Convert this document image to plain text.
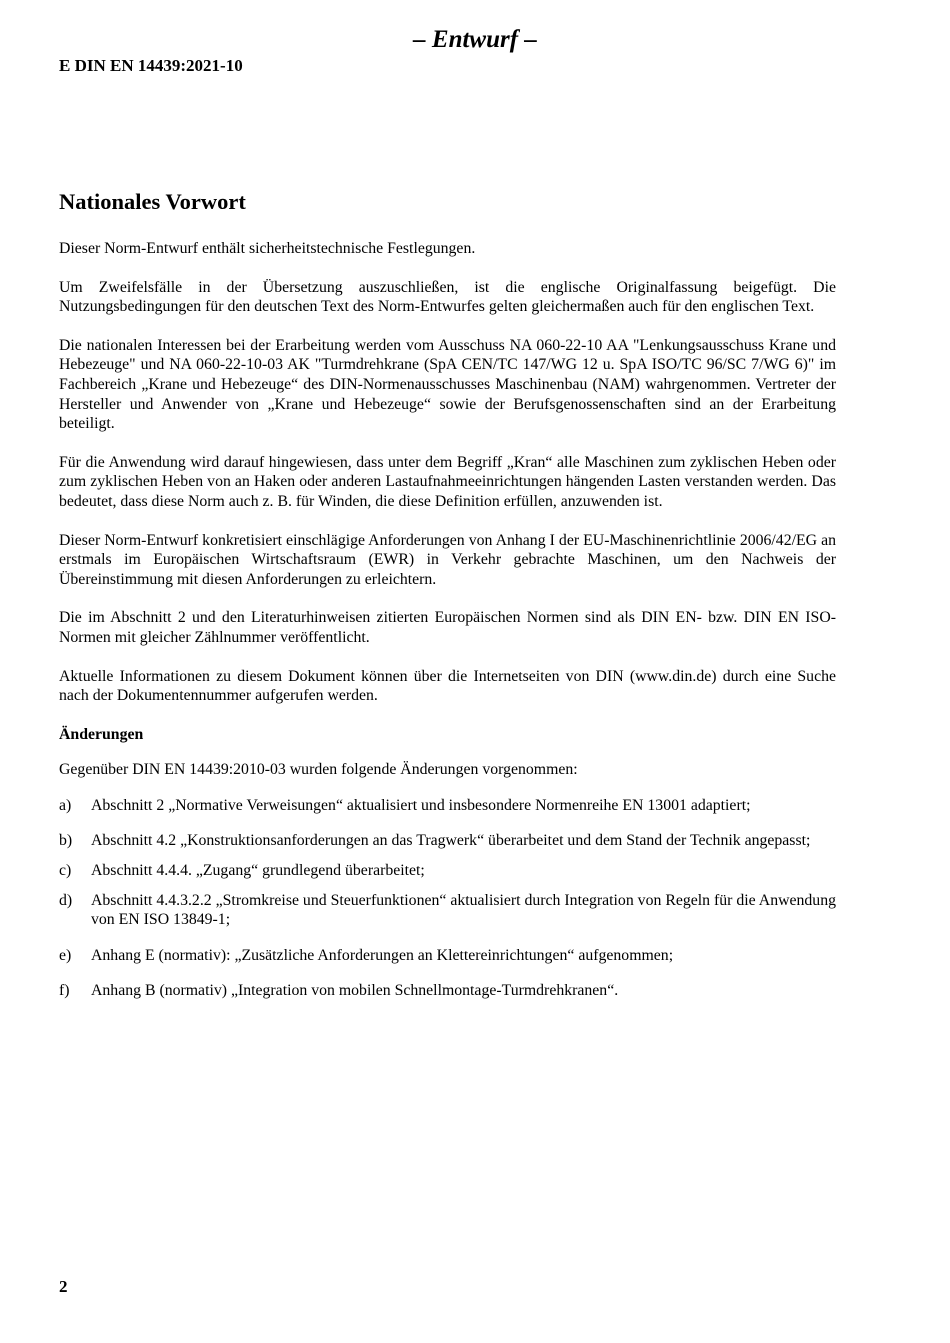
– Entwurf –
E DIN EN 14439:2021-10
Nationales Vorwort

Dieser Norm-Entwurf enthält sicherheitstechnische Festlegungen.

Um Zweifelsfälle in der Übersetzung auszuschließen, ist die englische Originalfassung beigefügt. Die Nutzungsbedingungen für den deutschen Text des Norm-Entwurfes gelten gleichermaßen auch für den englischen Text.

Die nationalen Interessen bei der Erarbeitung werden vom Ausschuss NA 060-22-10 AA "Lenkungsausschuss Krane und Hebezeuge" und NA 060-22-10-03 AK "Turmdrehkrane (SpA CEN/TC 147/WG 12 u. SpA ISO/TC 96/SC 7/WG 6)" im Fachbereich „Krane und Hebezeuge“ des DIN-Normenausschusses Maschinenbau (NAM) wahrgenommen. Vertreter der Hersteller und Anwender von „Krane und Hebezeuge“ sowie der Berufsgenossenschaften sind an der Erarbeitung beteiligt.

Für die Anwendung wird darauf hingewiesen, dass unter dem Begriff „Kran“ alle Maschinen zum zyklischen Heben oder zum zyklischen Heben von an Haken oder anderen Lastaufnahmeeinrichtungen hängenden Lasten verstanden werden. Das bedeutet, dass diese Norm auch z. B. für Winden, die diese Definition erfüllen, anzuwenden ist.

Dieser Norm-Entwurf konkretisiert einschlägige Anforderungen von Anhang I der EU-Maschinenrichtlinie 2006/42/EG an erstmals im Europäischen Wirtschaftsraum (EWR) in Verkehr gebrachte Maschinen, um den Nachweis der Übereinstimmung mit diesen Anforderungen zu erleichtern.

Die im Abschnitt 2 und den Literaturhinweisen zitierten Europäischen Normen sind als DIN EN- bzw. DIN EN ISO-Normen mit gleicher Zählnummer veröffentlicht.

Aktuelle Informationen zu diesem Dokument können über die Internetseiten von DIN (www.din.de) durch eine Suche nach der Dokumentennummer aufgerufen werden.

Änderungen

Gegenüber DIN EN 14439:2010-03 wurden folgende Änderungen vorgenommen:

a)	Abschnitt 2 „Normative Verweisungen“ aktualisiert und insbesondere Normenreihe EN 13001 adaptiert;
b)	Abschnitt 4.2 „Konstruktionsanforderungen an das Tragwerk“ überarbeitet und dem Stand der Technik angepasst;
c)	Abschnitt 4.4.4. „Zugang“ grundlegend überarbeitet;
d)	Abschnitt 4.4.3.2.2 „Stromkreise und Steuerfunktionen“ aktualisiert durch Integration von Regeln für die Anwendung von EN ISO 13849-1;
e)	Anhang E (normativ): „Zusätzliche Anforderungen an Klettereinrichtungen“ aufgenommen;
f)	Anhang B (normativ) „Integration von mobilen Schnellmontage-Turmdrehkranen“.
2
